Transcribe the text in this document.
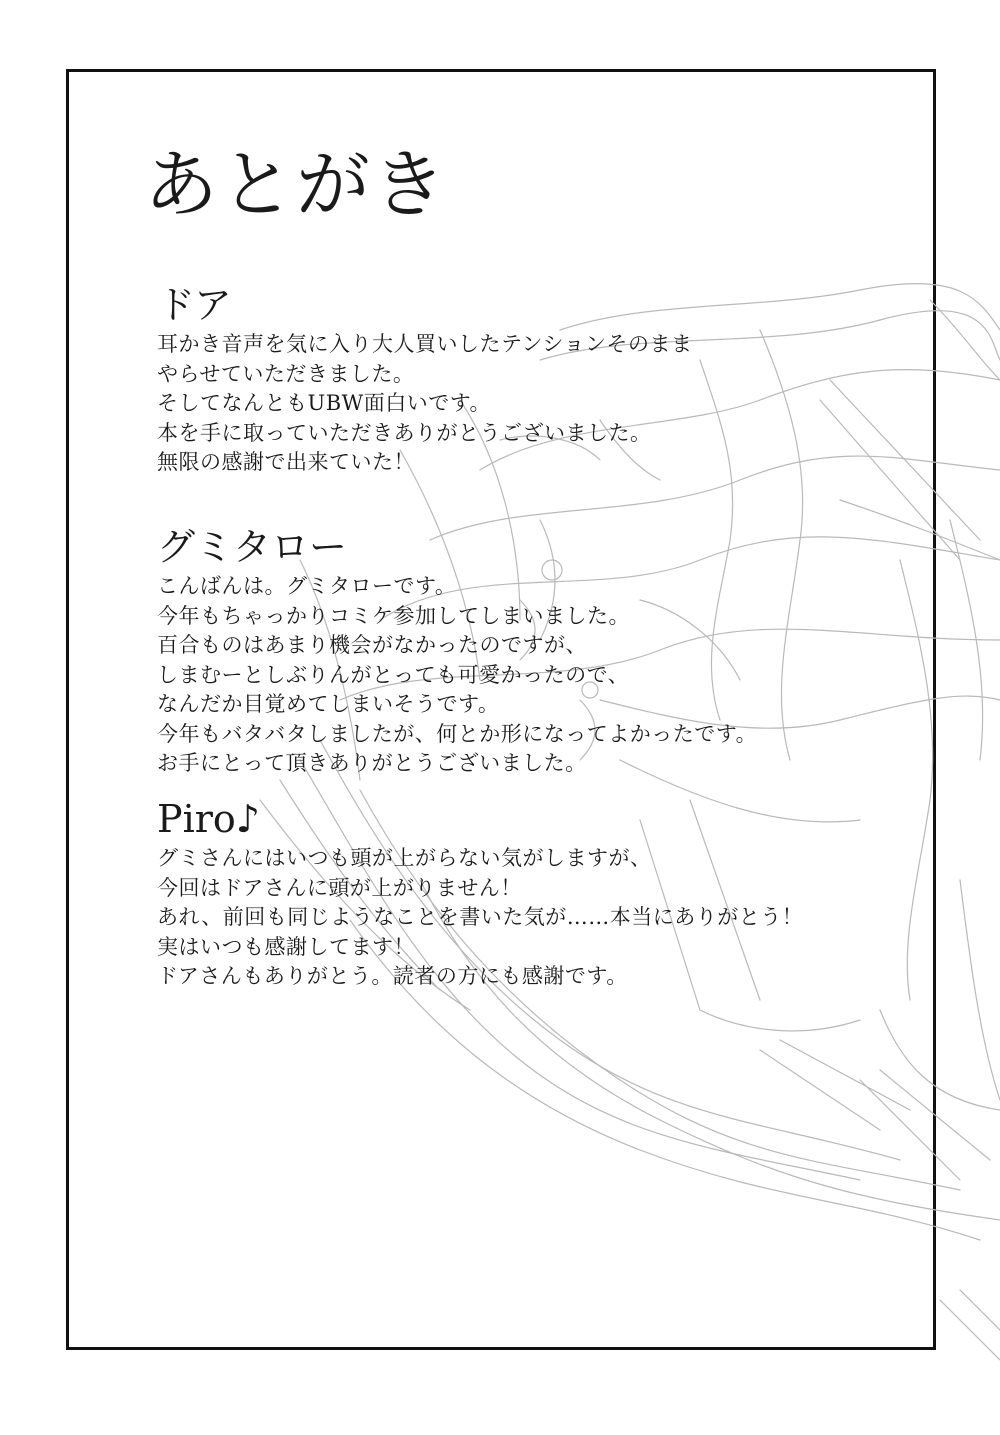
あとがき
ドア
耳かき音声を気に入り大人買いしたテンションそのまま
やらせていただきました。
そしてなんともUBW面白いです。
本を手に取っていただきありがとうございました。
無限の感謝で出来ていた！
グミタロー
こんばんは。グミタローです。
今年もちゃっかりコミケ参加してしまいました。
百合ものはあまり機会がなかったのですが、
しまむーとしぶりんがとっても可愛かったので、
なんだか目覚めてしまいそうです。
今年もバタバタしましたが、何とか形になってよかったです。
お手にとって頂きありがとうございました。
Piro♪
グミさんにはいつも頭が上がらない気がしますが、
今回はドアさんに頭が上がりません！
あれ、前回も同じようなことを書いた気が……本当にありがとう！
実はいつも感謝してます！
ドアさんもありがとう。読者の方にも感謝です。
